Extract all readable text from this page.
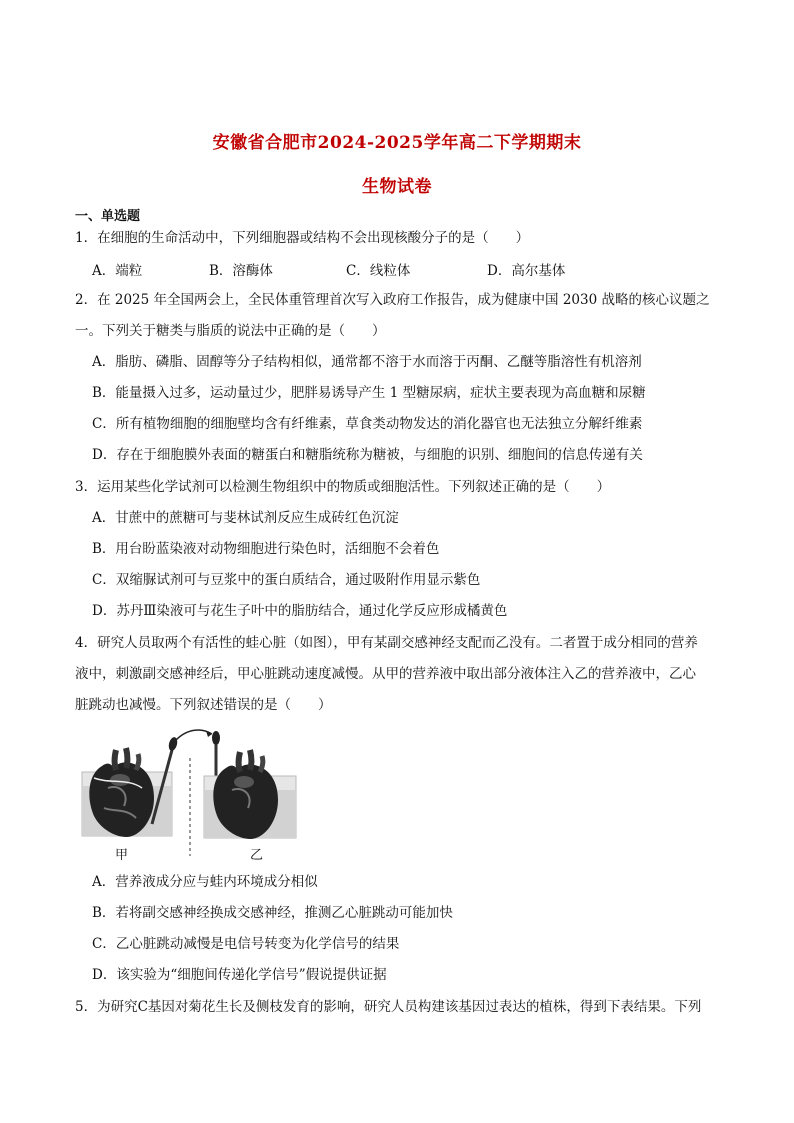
安徽省合肥市2024-2025学年高二下学期期末
生物试卷
一、单选题
1．在细胞的生命活动中，下列细胞器或结构不会出现核酸分子的是（　　）
A．端粒	B．溶酶体	C．线粒体	D．高尔基体
2．在 2025 年全国两会上，全民体重管理首次写入政府工作报告，成为健康中国 2030 战略的核心议题之
一。下列关于糖类与脂质的说法中正确的是（　　）
A．脂肪、磷脂、固醇等分子结构相似，通常都不溶于水而溶于丙酮、乙醚等脂溶性有机溶剂
B．能量摄入过多，运动量过少，肥胖易诱导产生 1 型糖尿病，症状主要表现为高血糖和尿糖
C．所有植物细胞的细胞壁均含有纤维素，草食类动物发达的消化器官也无法独立分解纤维素
D．存在于细胞膜外表面的糖蛋白和糖脂统称为糖被，与细胞的识别、细胞间的信息传递有关
3．运用某些化学试剂可以检测生物组织中的物质或细胞活性。下列叙述正确的是（　　）
A．甘蔗中的蔗糖可与斐林试剂反应生成砖红色沉淀
B．用台盼蓝染液对动物细胞进行染色时，活细胞不会着色
C．双缩脲试剂可与豆浆中的蛋白质结合，通过吸附作用显示紫色
D．苏丹Ⅲ染液可与花生子叶中的脂肪结合，通过化学反应形成橘黄色
4．研究人员取两个有活性的蛙心脏（如图），甲有某副交感神经支配而乙没有。二者置于成分相同的营养
液中，刺激副交感神经后，甲心脏跳动速度减慢。从甲的营养液中取出部分液体注入乙的营养液中，乙心
脏跳动也减慢。下列叙述错误的是（　　）
甲	乙
A．营养液成分应与蛙内环境成分相似
B．若将副交感神经换成交感神经，推测乙心脏跳动可能加快
C．乙心脏跳动减慢是电信号转变为化学信号的结果
D．该实验为“细胞间传递化学信号”假说提供证据
5．为研究C基因对菊花生长及侧枝发育的影响，研究人员构建该基因过表达的植株，得到下表结果。下列
